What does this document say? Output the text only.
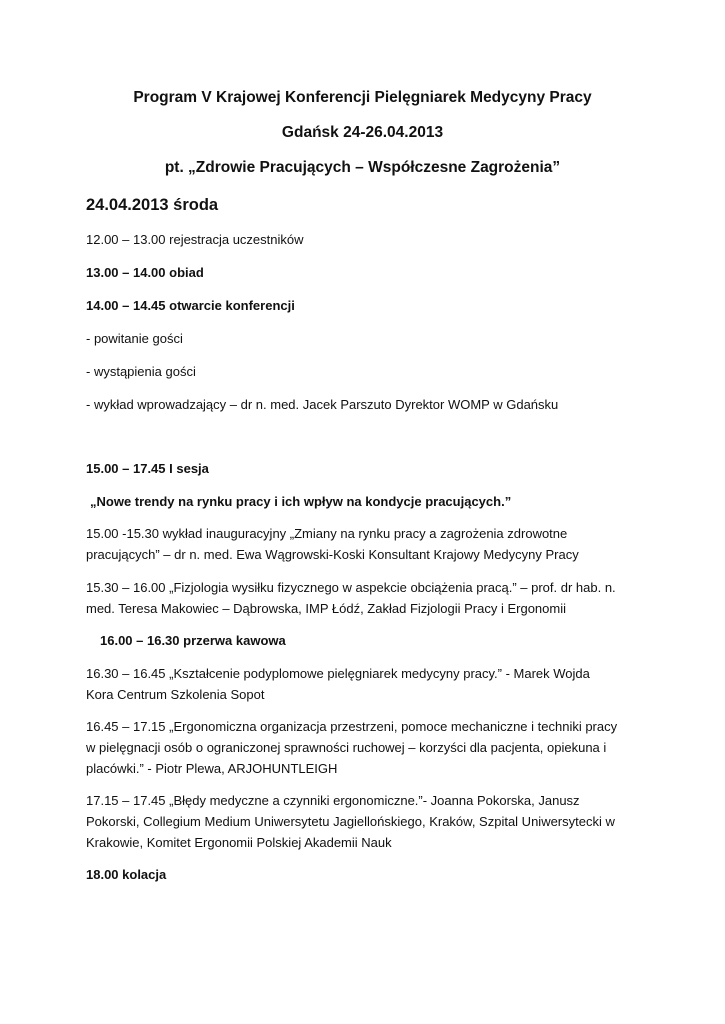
Program V Krajowej Konferencji Pielęgniarek Medycyny Pracy
Gdańsk 24-26.04.2013
pt. „Zdrowie Pracujących – Współczesne Zagrożenia”
24.04.2013 środa
12.00 – 13.00 rejestracja uczestników
13.00 – 14.00 obiad
14.00 – 14.45 otwarcie konferencji
- powitanie gości
- wystąpienia gości
- wykład wprowadzający – dr n. med. Jacek Parszuto Dyrektor WOMP w Gdańsku
15.00 – 17.45 I sesja
„Nowe trendy na rynku pracy i ich wpływ na kondycje pracujących.”
15.00 -15.30 wykład inauguracyjny „Zmiany na rynku pracy a zagrożenia zdrowotne
pracujących” – dr n. med. Ewa Wągrowski-Koski Konsultant Krajowy Medycyny Pracy
15.30 – 16.00 „Fizjologia wysiłku fizycznego w aspekcie obciążenia pracą.” – prof. dr hab. n.
med. Teresa Makowiec – Dąbrowska, IMP Łódź, Zakład Fizjologii Pracy i Ergonomii
16.00 – 16.30 przerwa kawowa
16.30 – 16.45 „Kształcenie podyplomowe pielęgniarek medycyny pracy.” - Marek Wojda
Kora Centrum Szkolenia Sopot
16.45 – 17.15 „Ergonomiczna organizacja przestrzeni, pomoce mechaniczne i techniki pracy
w pielęgnacji osób o ograniczonej sprawności ruchowej – korzyści dla pacjenta, opiekuna i
placówki.” - Piotr Plewa, ARJOHUNTLEIGH
17.15 – 17.45 „Błędy medyczne a czynniki ergonomiczne.”- Joanna Pokorska, Janusz
Pokorski, Collegium Medium Uniwersytetu Jagiellońskiego, Kraków, Szpital Uniwersytecki w
Krakowie, Komitet Ergonomii Polskiej Akademii Nauk
18.00 kolacja
